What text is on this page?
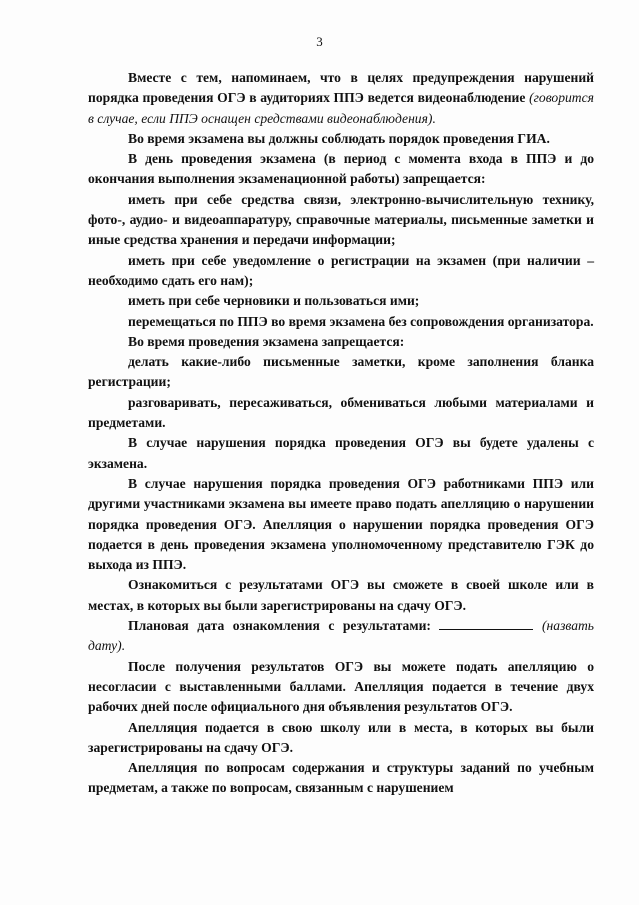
3

Вместе с тем, напоминаем, что в целях предупреждения нарушений порядка проведения ОГЭ в аудиториях ППЭ ведется видеонаблюдение (говорится в случае, если ППЭ оснащен средствами видеонаблюдения).

Во время экзамена вы должны соблюдать порядок проведения ГИА.

В день проведения экзамена (в период с момента входа в ППЭ и до окончания выполнения экзаменационной работы) запрещается:

иметь при себе средства связи, электронно-вычислительную технику, фото-, аудио- и видеоаппаратуру, справочные материалы, письменные заметки и иные средства хранения и передачи информации;

иметь при себе уведомление о регистрации на экзамен (при наличии – необходимо сдать его нам);

иметь при себе черновики и пользоваться ими;

перемещаться по ППЭ во время экзамена без сопровождения организатора.

Во время проведения экзамена запрещается:

делать какие-либо письменные заметки, кроме заполнения бланка регистрации;

разговаривать, пересаживаться, обмениваться любыми материалами и предметами.

В случае нарушения порядка проведения ОГЭ вы будете удалены с экзамена.

В случае нарушения порядка проведения ОГЭ работниками ППЭ или другими участниками экзамена вы имеете право подать апелляцию о нарушении порядка проведения ОГЭ. Апелляция о нарушении порядка проведения ОГЭ подается в день проведения экзамена уполномоченному представителю ГЭК до выхода из ППЭ.

Ознакомиться с результатами ОГЭ вы сможете в своей школе или в местах, в которых вы были зарегистрированы на сдачу ОГЭ.

Плановая дата ознакомления с результатами:	(назвать дату).

После получения результатов ОГЭ вы можете подать апелляцию о несогласии с выставленными баллами. Апелляция подается в течение двух рабочих дней после официального дня объявления результатов ОГЭ.

Апелляция подается в свою школу или в места, в которых вы были зарегистрированы на сдачу ОГЭ.

Апелляция по вопросам содержания и структуры заданий по учебным предметам, а также по вопросам, связанным с нарушением
